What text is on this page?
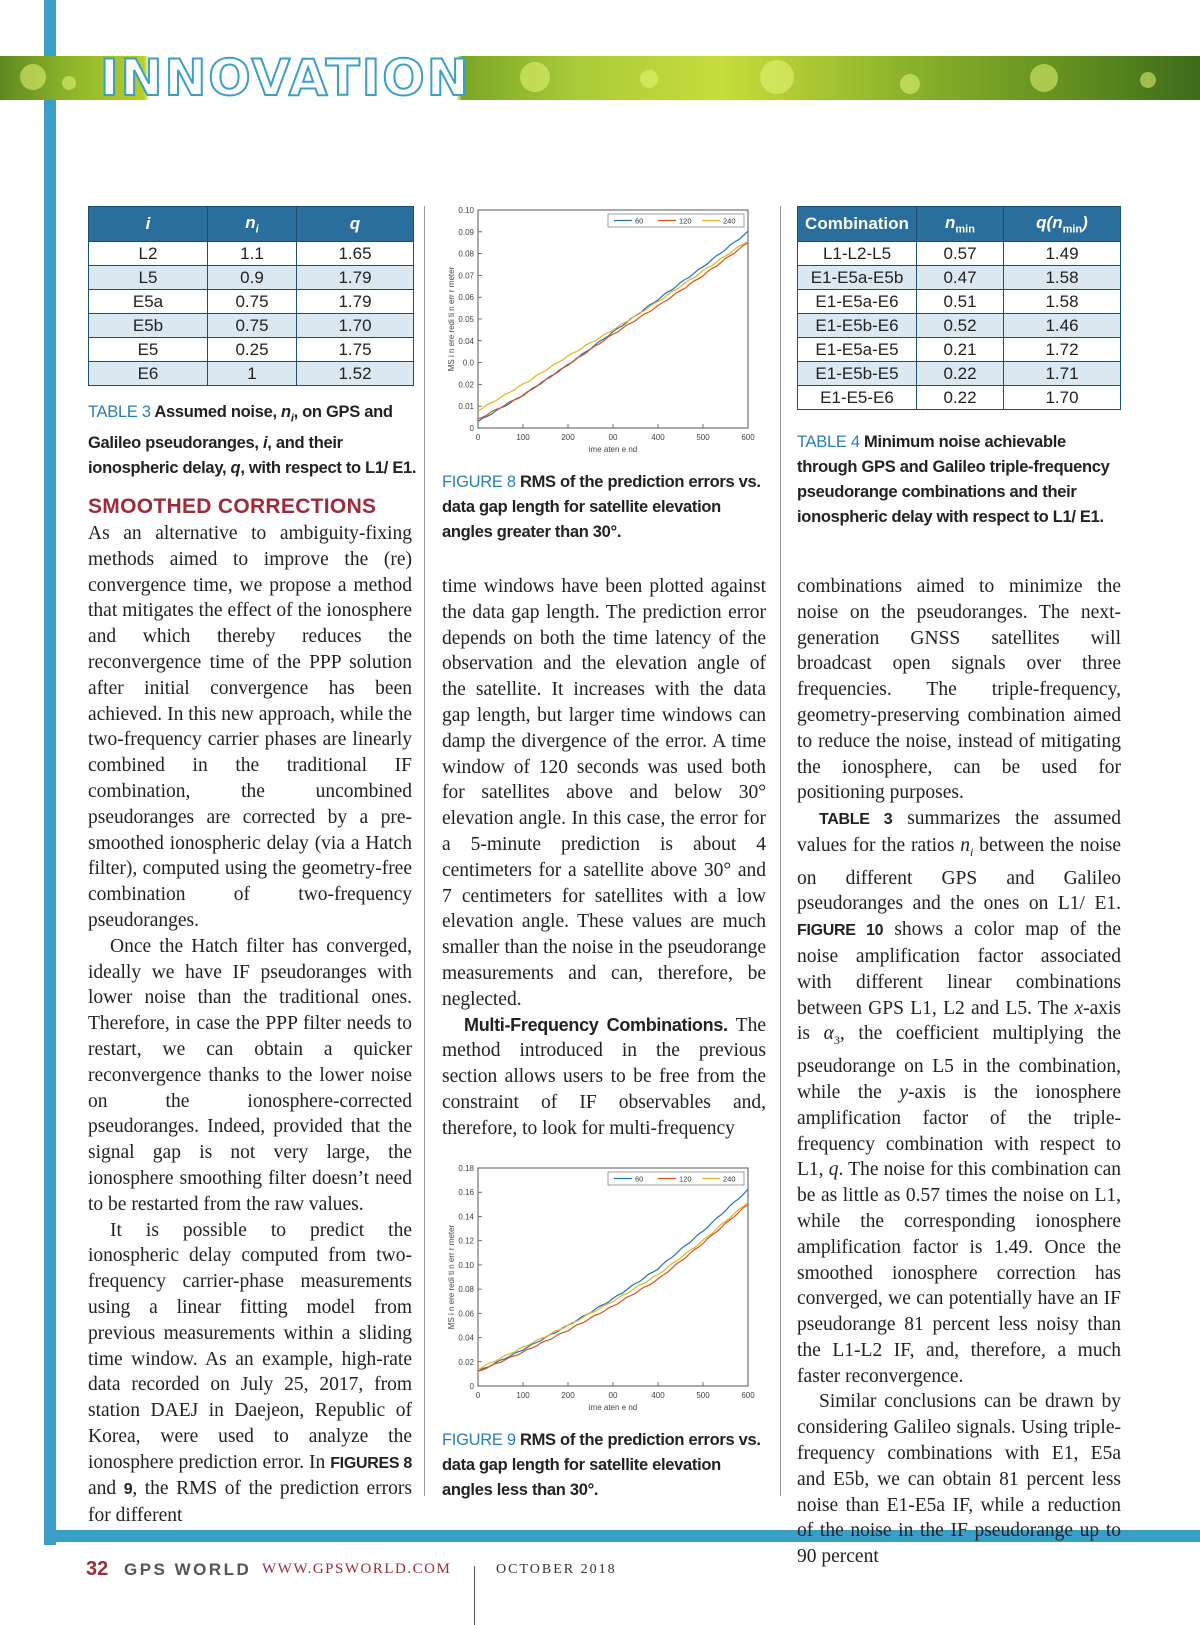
INNOVATION
i	$n_i$	q
L2	1.1	1.65
L5	0.9	1.79
E5a	0.75	1.79
E5b	0.75	1.70
E5	0.25	1.75
E6	1	1.52
TABLE 3 Assumed noise, $n_i$, on GPS and Galileo pseudoranges, i, and their ionospheric delay, q, with respect to L1/ E1.
SMOOTHED CORRECTIONS

As an alternative to ambiguity-fixing methods aimed to improve the (re) convergence time, we propose a method that mitigates the effect of the ionosphere and which thereby reduces the reconvergence time of the PPP solution after initial convergence has been achieved. In this new approach, while the two-frequency carrier phases are linearly combined in the traditional IF combination, the uncombined pseudoranges are corrected by a pre-smoothed ionospheric delay (via a Hatch filter), computed using the geometry-free combination of two-frequency pseudoranges.

Once the Hatch filter has converged, ideally we have IF pseudoranges with lower noise than the traditional ones. Therefore, in case the PPP filter needs to restart, we can obtain a quicker reconvergence thanks to the lower noise on the ionosphere-corrected pseudoranges. Indeed, provided that the signal gap is not very large, the ionosphere smoothing filter doesn’t need to be restarted from the raw values.

It is possible to predict the ionospheric delay computed from two-frequency carrier-phase measurements using a linear fitting model from previous measurements within a sliding time window. As an example, high-rate data recorded on July 25, 2017, from station DAEJ in Daejeon, Republic of Korea, were used to analyze the ionosphere prediction error. In FIGURES 8 and 9, the RMS of the prediction errors for different

0
0.01
0.02
0.0
0.04
0.05
0.06
0.07
0.08
0.09
0.10
0	100	200	00	400	500	600
ime aten e nd
MS i n ere redi ti n err r meter
60	120	240
FIGURE 8 RMS of the prediction errors vs. data gap length for satellite elevation angles greater than 30°.

time windows have been plotted against the data gap length. The prediction error depends on both the time latency of the observation and the elevation angle of the satellite. It increases with the data gap length, but larger time windows can damp the divergence of the error. A time window of 120 seconds was used both for satellites above and below 30° elevation angle. In this case, the error for a 5-minute prediction is about 4 centimeters for a satellite above 30° and 7 centimeters for satellites with a low elevation angle. These values are much smaller than the noise in the pseudorange measurements and can, therefore, be neglected.

Multi-Frequency Combinations. The method introduced in the previous section allows users to be free from the constraint of IF observables and, therefore, to look for multi-frequency

0
0.02
0.04
0.06
0.08
0.10
0.12
0.14
0.16
0.18
0	100	200	00	400	500	600
ime aten e nd
MS i n ere redi ti n err r meter
60	120	240
FIGURE 9 RMS of the prediction errors vs. data gap length for satellite elevation angles less than 30°.
Combination	$n_{min}$	$q(n_{min})$
L1-L2-L5	0.57	1.49
E1-E5a-E5b	0.47	1.58
E1-E5a-E6	0.51	1.58
E1-E5b-E6	0.52	1.46
E1-E5a-E5	0.21	1.72
E1-E5b-E5	0.22	1.71
E1-E5-E6	0.22	1.70
TABLE 4 Minimum noise achievable through GPS and Galileo triple-frequency pseudorange combinations and their ionospheric delay with respect to L1/ E1.

combinations aimed to minimize the noise on the pseudoranges. The next-generation GNSS satellites will broadcast open signals over three frequencies. The triple-frequency, geometry-preserving combination aimed to reduce the noise, instead of mitigating the ionosphere, can be used for positioning purposes.

TABLE 3 summarizes the assumed values for the ratios $n_i$ between the noise on different GPS and Galileo pseudoranges and the ones on L1/ E1. FIGURE 10 shows a color map of the noise amplification factor associated with different linear combinations between GPS L1, L2 and L5. The x-axis is $\alpha_3$, the coefficient multiplying the pseudorange on L5 in the combination, while the y-axis is the ionosphere amplification factor of the triple-frequency combination with respect to L1, q. The noise for this combination can be as little as 0.57 times the noise on L1, while the corresponding ionosphere amplification factor is 1.49. Once the smoothed ionosphere correction has converged, we can potentially have an IF pseudorange 81 percent less noisy than the L1-L2 IF, and, therefore, a much faster reconvergence.

Similar conclusions can be drawn by considering Galileo signals. Using triple-frequency combinations with E1, E5a and E5b, we can obtain 81 percent less noise than E1-E5a IF, while a reduction of the noise in the IF pseudorange up to 90 percent

32 GPS WORLD WWW.GPSWORLD.COM	OCTOBER 2018
